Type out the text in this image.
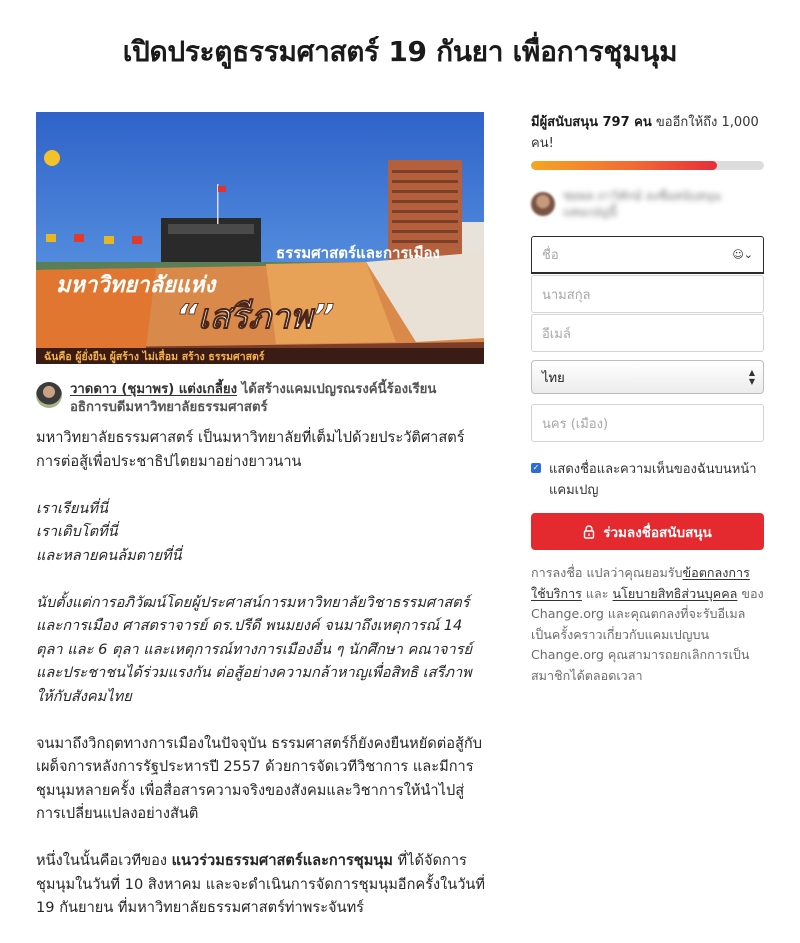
เปิดประตูธรรมศาสตร์ 19 กันยา เพื่อการชุมนุม
ธรรมศาสตร์และการเมือง
มหาวิทยาลัยแห่ง
“เสรีภาพ”
ฉันคือ ผู้ยั่งยืน ผู้สร้าง ไม่เสื่อม สร้าง ธรรมศาสตร์
วาดดาว (ชุมาพร) แต่งเกลี้ยง ได้สร้างแคมเปญรณรงค์นี้ร้องเรียนอธิการบดีมหาวิทยาลัยธรรมศาสตร์

มหาวิทยาลัยธรรมศาสตร์ เป็นมหาวิทยาลัยที่เต็มไปด้วยประวัติศาสตร์การต่อสู้เพื่อประชาธิปไตยมาอย่างยาวนาน

เราเรียนที่นี่
เราเติบโตที่นี่
และหลายคนล้มตายที่นี่

นับตั้งแต่การอภิวัฒน์โดยผู้ประศาสน์การมหาวิทยาลัยวิชาธรรมศาสตร์และการเมือง ศาสตราจารย์ ดร.ปรีดี พนมยงค์ จนมาถึงเหตุการณ์ 14 ตุลา และ 6 ตุลา และเหตุการณ์ทางการเมืองอื่น ๆ นักศึกษา คณาจารย์ และประชาชนได้ร่วมแรงกัน ต่อสู้อย่างความกล้าหาญเพื่อสิทธิ เสรีภาพ ให้กับสังคมไทย

จนมาถึงวิกฤตทางการเมืองในปัจจุบัน ธรรมศาสตร์ก็ยังคงยืนหยัดต่อสู้กับเผด็จการหลังการรัฐประหารปี 2557 ด้วยการจัดเวทีวิชาการ และมีการชุมนุมหลายครั้ง เพื่อสื่อสารความจริงของสังคมและวิชาการให้นำไปสู่การเปลี่ยนแปลงอย่างสันติ

หนึ่งในนั้นคือเวทีของ แนวร่วมธรรมศาสตร์และการชุมนุม ที่ได้จัดการชุมนุมในวันที่ 10 สิงหาคม และจะดำเนินการจัดการชุมนุมอีกครั้งในวันที่ 19 กันยายน ที่มหาวิทยาลัยธรรมศาสตร์ท่าพระจันทร์

มีผู้สนับสนุน 797 คน ขออีกให้ถึง 1,000 คน!
ชยพล ภาวิทักษ์ ลงชื่อสนับสนุนแคมเปญนี้
ชื่อ	☺︎⌄
นามสกุล
อีเมล์
ไทย	▲
▼
นคร (เมือง)
✓ แสดงชื่อและความเห็นของฉันบนหน้าแคมเปญ
ร่วมลงชื่อสนับสนุน
การลงชื่อ แปลว่าคุณยอมรับข้อตกลงการใช้บริการ และ นโยบายสิทธิส่วนบุคคล ของ Change.org และคุณตกลงที่จะรับอีเมลเป็นครั้งคราวเกี่ยวกับแคมเปญบน Change.org คุณสามารถยกเลิกการเป็นสมาชิกได้ตลอดเวลา
